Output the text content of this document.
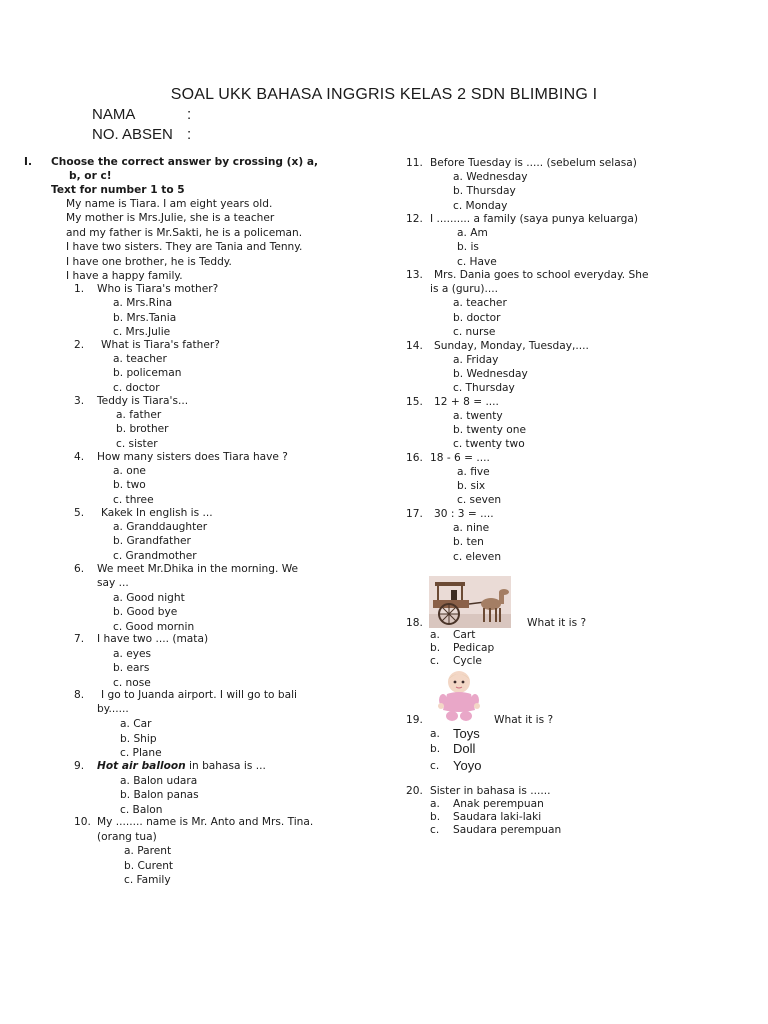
SOAL UKK BAHASA INGGRIS KELAS 2 SDN BLIMBING I
NAMA	:
NO. ABSEN :
I. Choose the correct answer by crossing (x) a,
b, or c!
Text for number 1 to 5
My name is Tiara. I am eight years old.
My mother is Mrs.Julie, she is a teacher
and my father is Mr.Sakti, he is a policeman.
I have two sisters. They are Tania and Tenny.
I have one brother, he is Teddy.
I have a happy family.
1. Who is Tiara's mother?
a. Mrs.Rina
b. Mrs.Tania
c. Mrs.Julie
2. What is Tiara's father?
a. teacher
b. policeman
c. doctor
3. Teddy is Tiara's...
a. father
b. brother
c. sister
4. How many sisters does Tiara have ?
a. one
b. two
c. three
5. Kakek In english is ...
a. Granddaughter
b. Grandfather
c. Grandmother
6. We meet Mr.Dhika in the morning. We
say ...
a. Good night
b. Good bye
c. Good mornin
7. I have two .... (mata)
a. eyes
b. ears
c. nose
8. I go to Juanda airport. I will go to bali
by......
a. Car
b. Ship
c. Plane
9. Hot air balloon in bahasa is ...
a. Balon udara
b. Balon panas
c. Balon
10. My ........ name is Mr. Anto and Mrs. Tina.
(orang tua)
a. Parent
b. Curent
c. Family
11. Before Tuesday is ..... (sebelum selasa)
a. Wednesday
b. Thursday
c. Monday
12. I .......... a family (saya punya keluarga)
a. Am
b. is
c. Have
13. Mrs. Dania goes to school everyday. She
is a (guru)....
a. teacher
b. doctor
c. nurse
14. Sunday, Monday, Tuesday,....
a. Friday
b. Wednesday
c. Thursday
15. 12 + 8 = ....
a. twenty
b. twenty one
c. twenty two
16. 18 - 6 = ....
a. five
b. six
c. seven
17. 30 : 3 = ....
a. nine
b. ten
c. eleven
18.	What it is ?
a. Cart
b. Pedicap
c. Cycle
19.	What it is ?
a. Toys
b. Doll
c. Yoyo
20. Sister in bahasa is ......
a. Anak perempuan
b. Saudara laki-laki
c. Saudara perempuan
